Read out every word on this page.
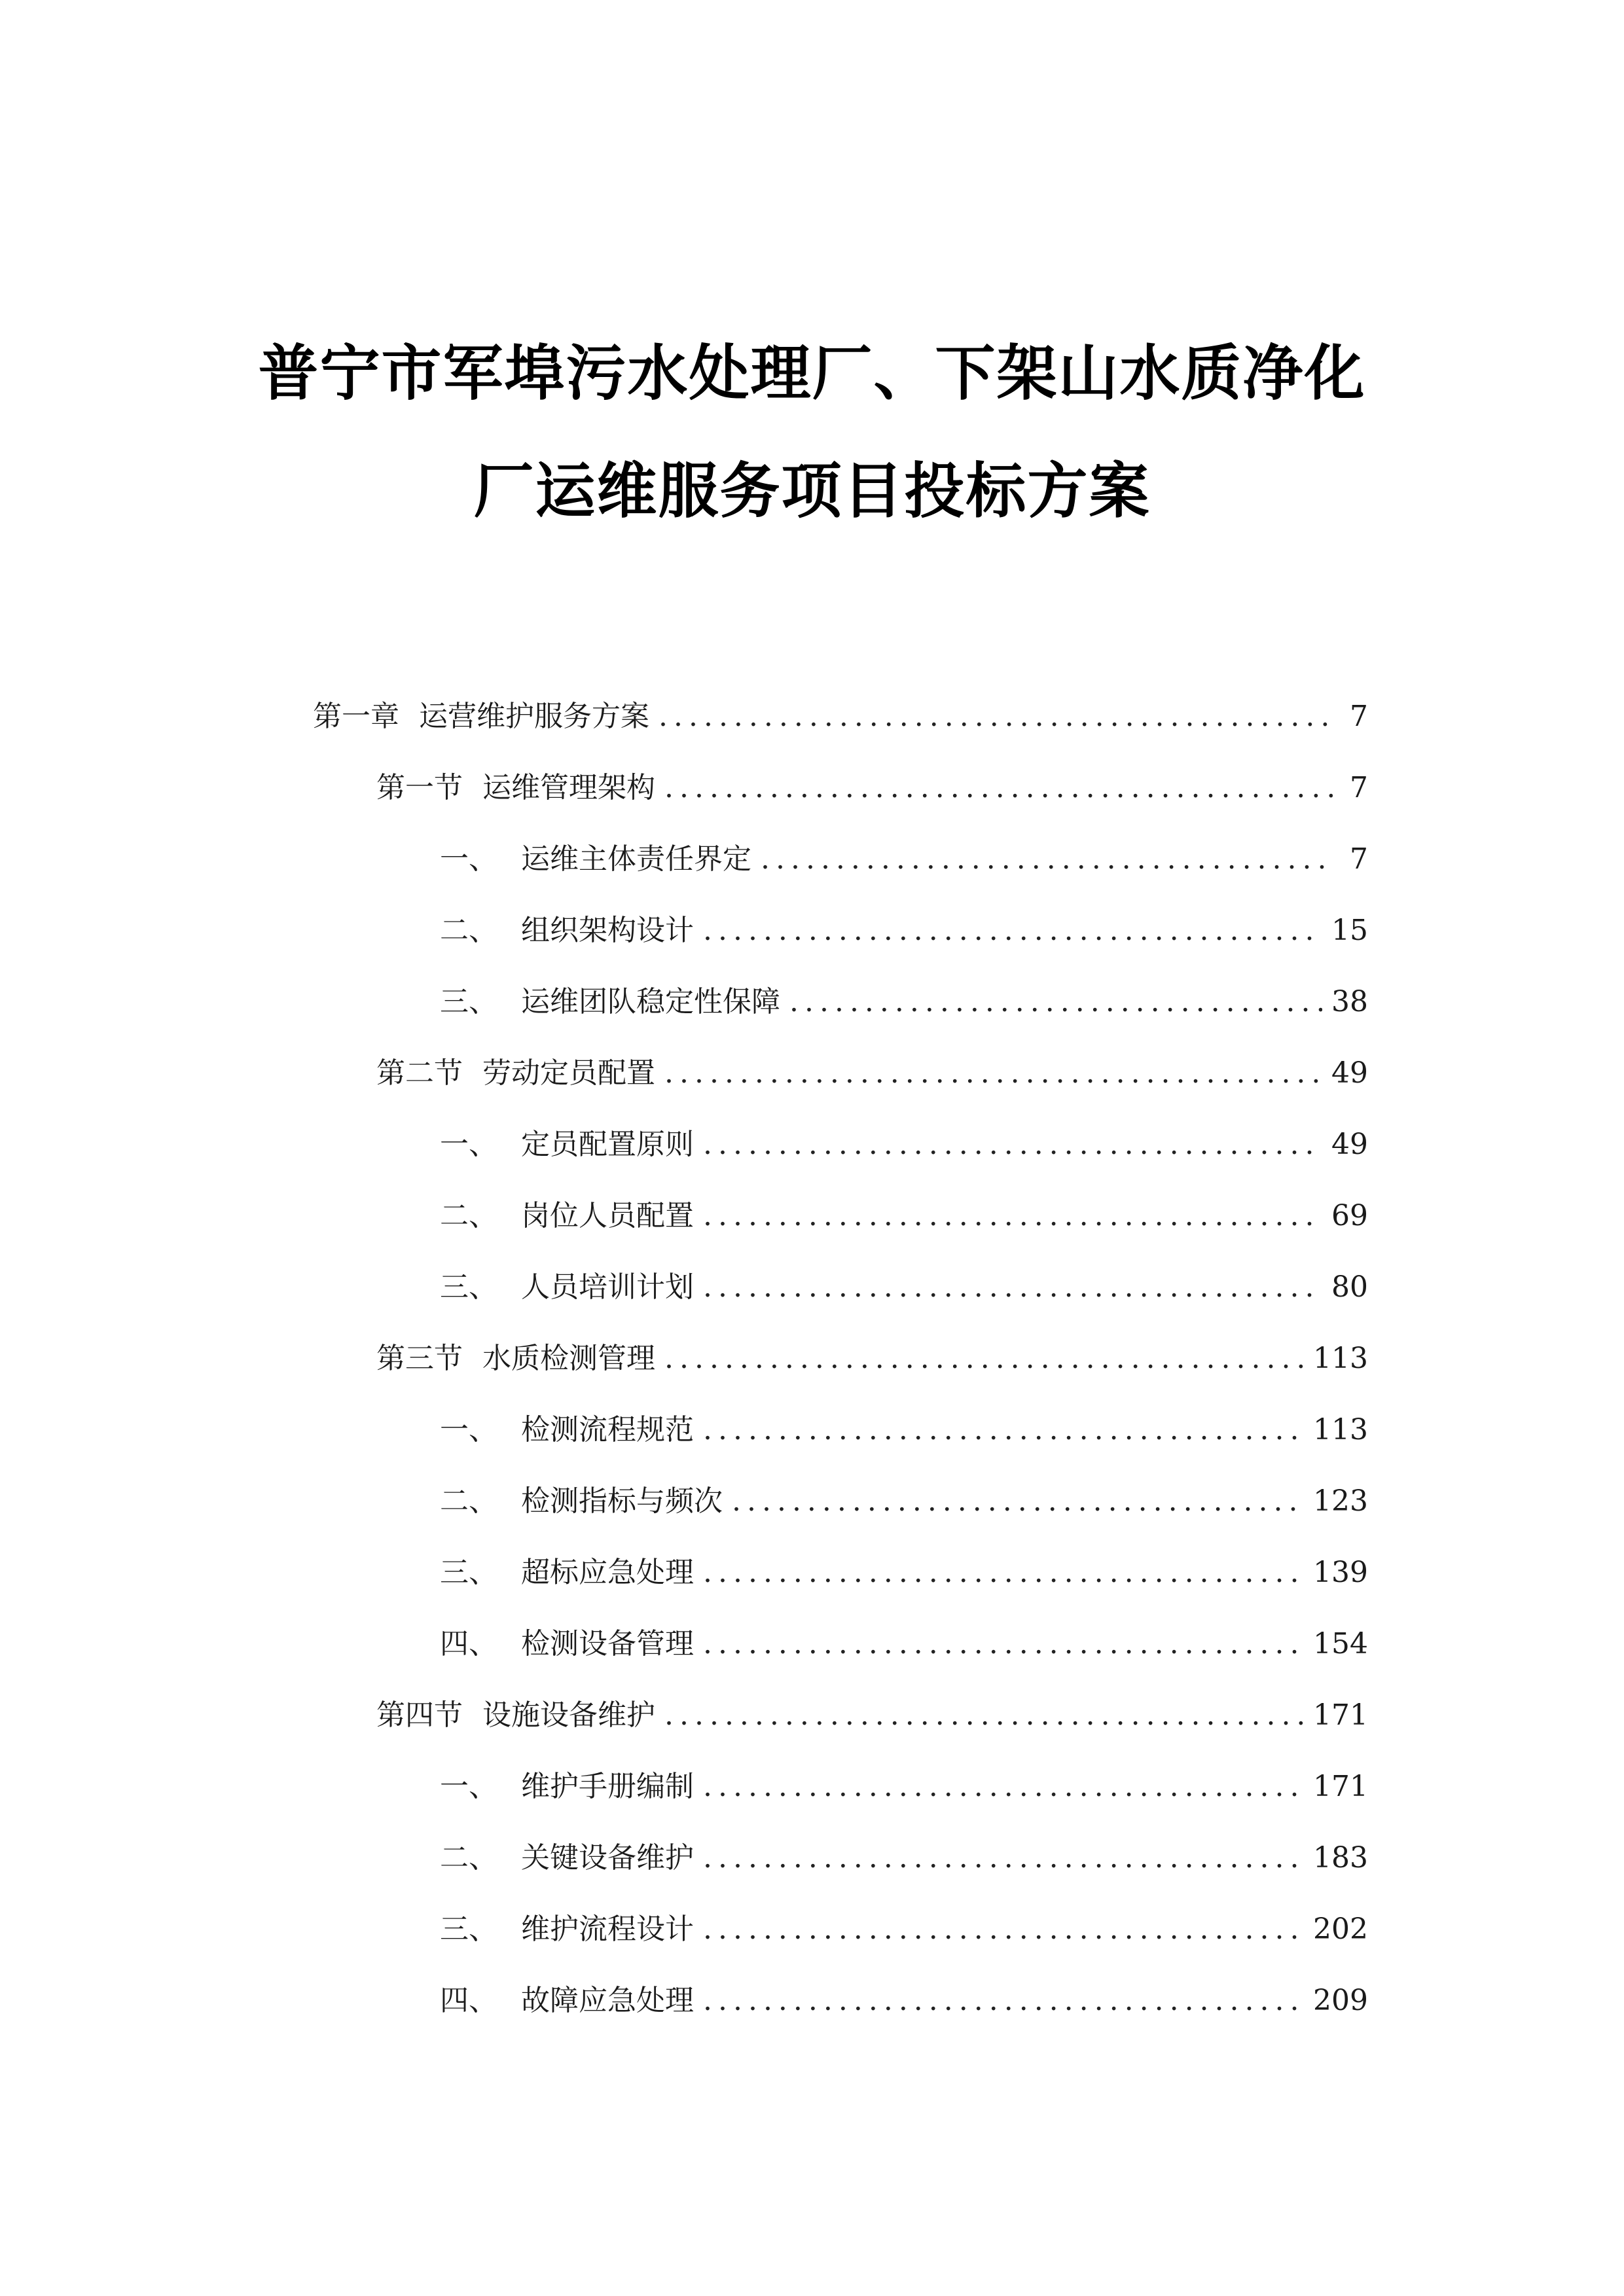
普宁市军埠污水处理厂、下架山水质净化
厂运维服务项目投标方案
第一章 运营维护服务方案 .....	7
第一节 运维管理架构 .....	7
一、 运维主体责任界定 .....	7
二、 组织架构设计 .....	15
三、 运维团队稳定性保障 .....	38
第二节 劳动定员配置 .....	49
一、 定员配置原则 .....	49
二、 岗位人员配置 .....	69
三、 人员培训计划 .....	80
第三节 水质检测管理 .....	113
一、 检测流程规范 .....	113
二、 检测指标与频次 .....	123
三、 超标应急处理 .....	139
四、 检测设备管理 .....	154
第四节 设施设备维护 .....	171
一、 维护手册编制 .....	171
二、 关键设备维护 .....	183
三、 维护流程设计 .....	202
四、 故障应急处理 .....	209
